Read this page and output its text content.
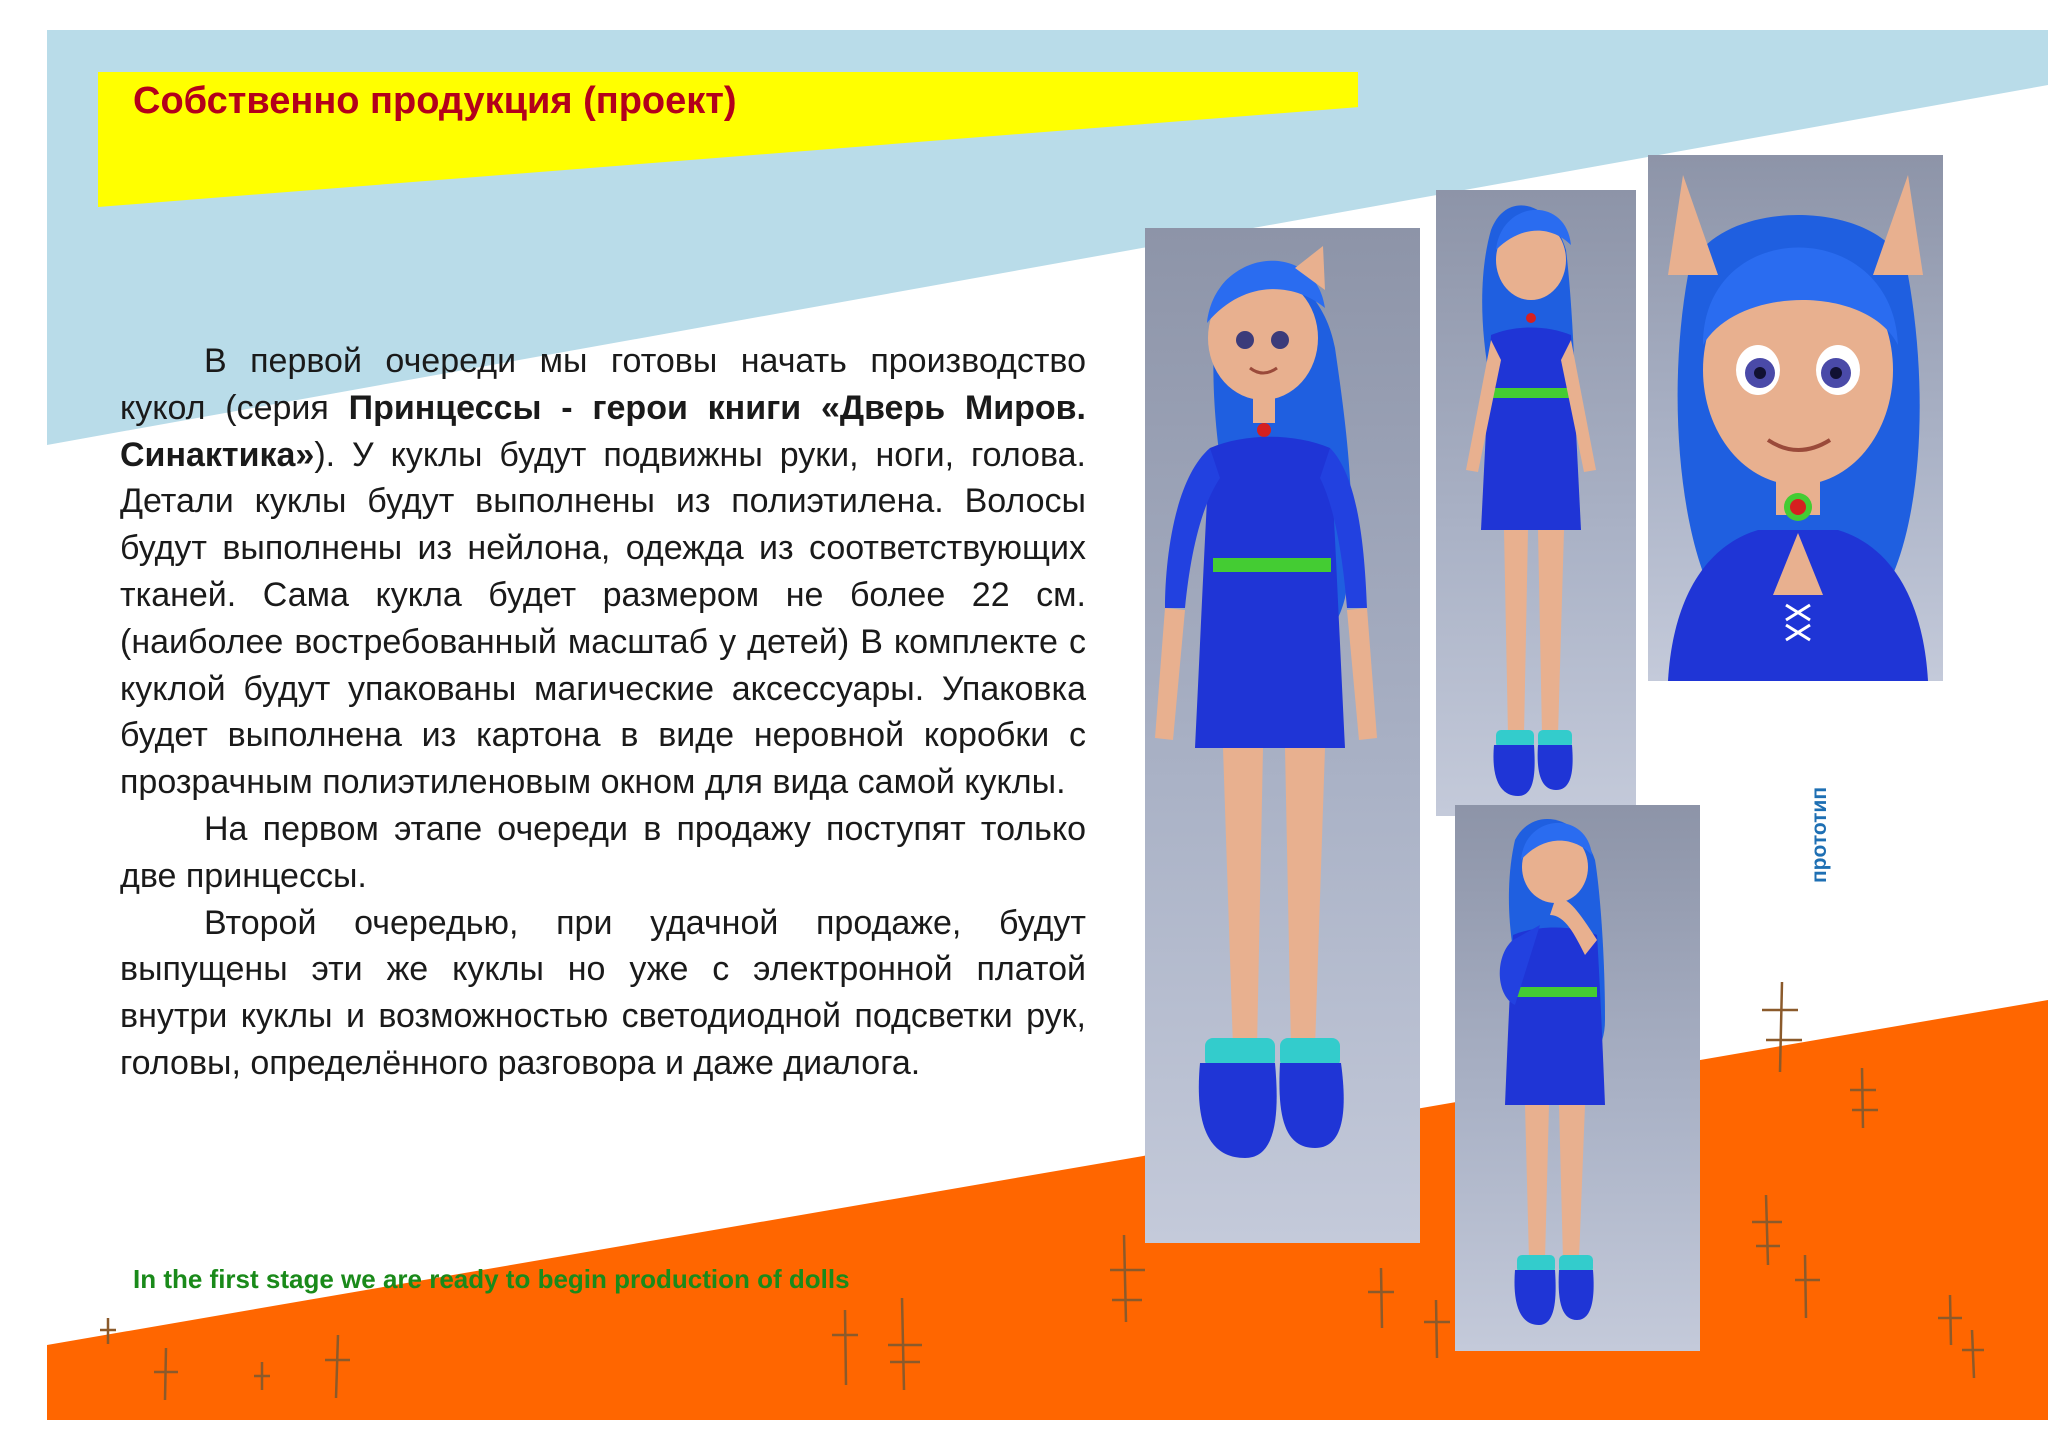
Собственно продукция (проект)

В первой очереди мы готовы начать производство кукол (серия Принцессы - герои книги «Дверь Миров. Синактика»). У куклы будут подвижны руки, ноги, голова. Детали куклы будут выполнены из полиэтилена. Волосы будут выполнены из нейлона, одежда из соответствующих тканей. Сама кукла будет размером не более 22 см. (наиболее востребованный масштаб у детей) В комплекте с куклой будут упакованы магические аксессуары. Упаковка будет выполнена из картона в виде неровной коробки с прозрачным полиэтиленовым окном для вида самой куклы.

На первом этапе очереди в продажу поступят только две принцессы.

Второй очередью, при удачной продаже, будут выпущены эти же куклы но уже с электронной платой внутри куклы и возможностью светодиодной подсветки рук, головы, определённого разговора и даже диалога.

In the first stage we are ready to begin production of dolls
прототип
